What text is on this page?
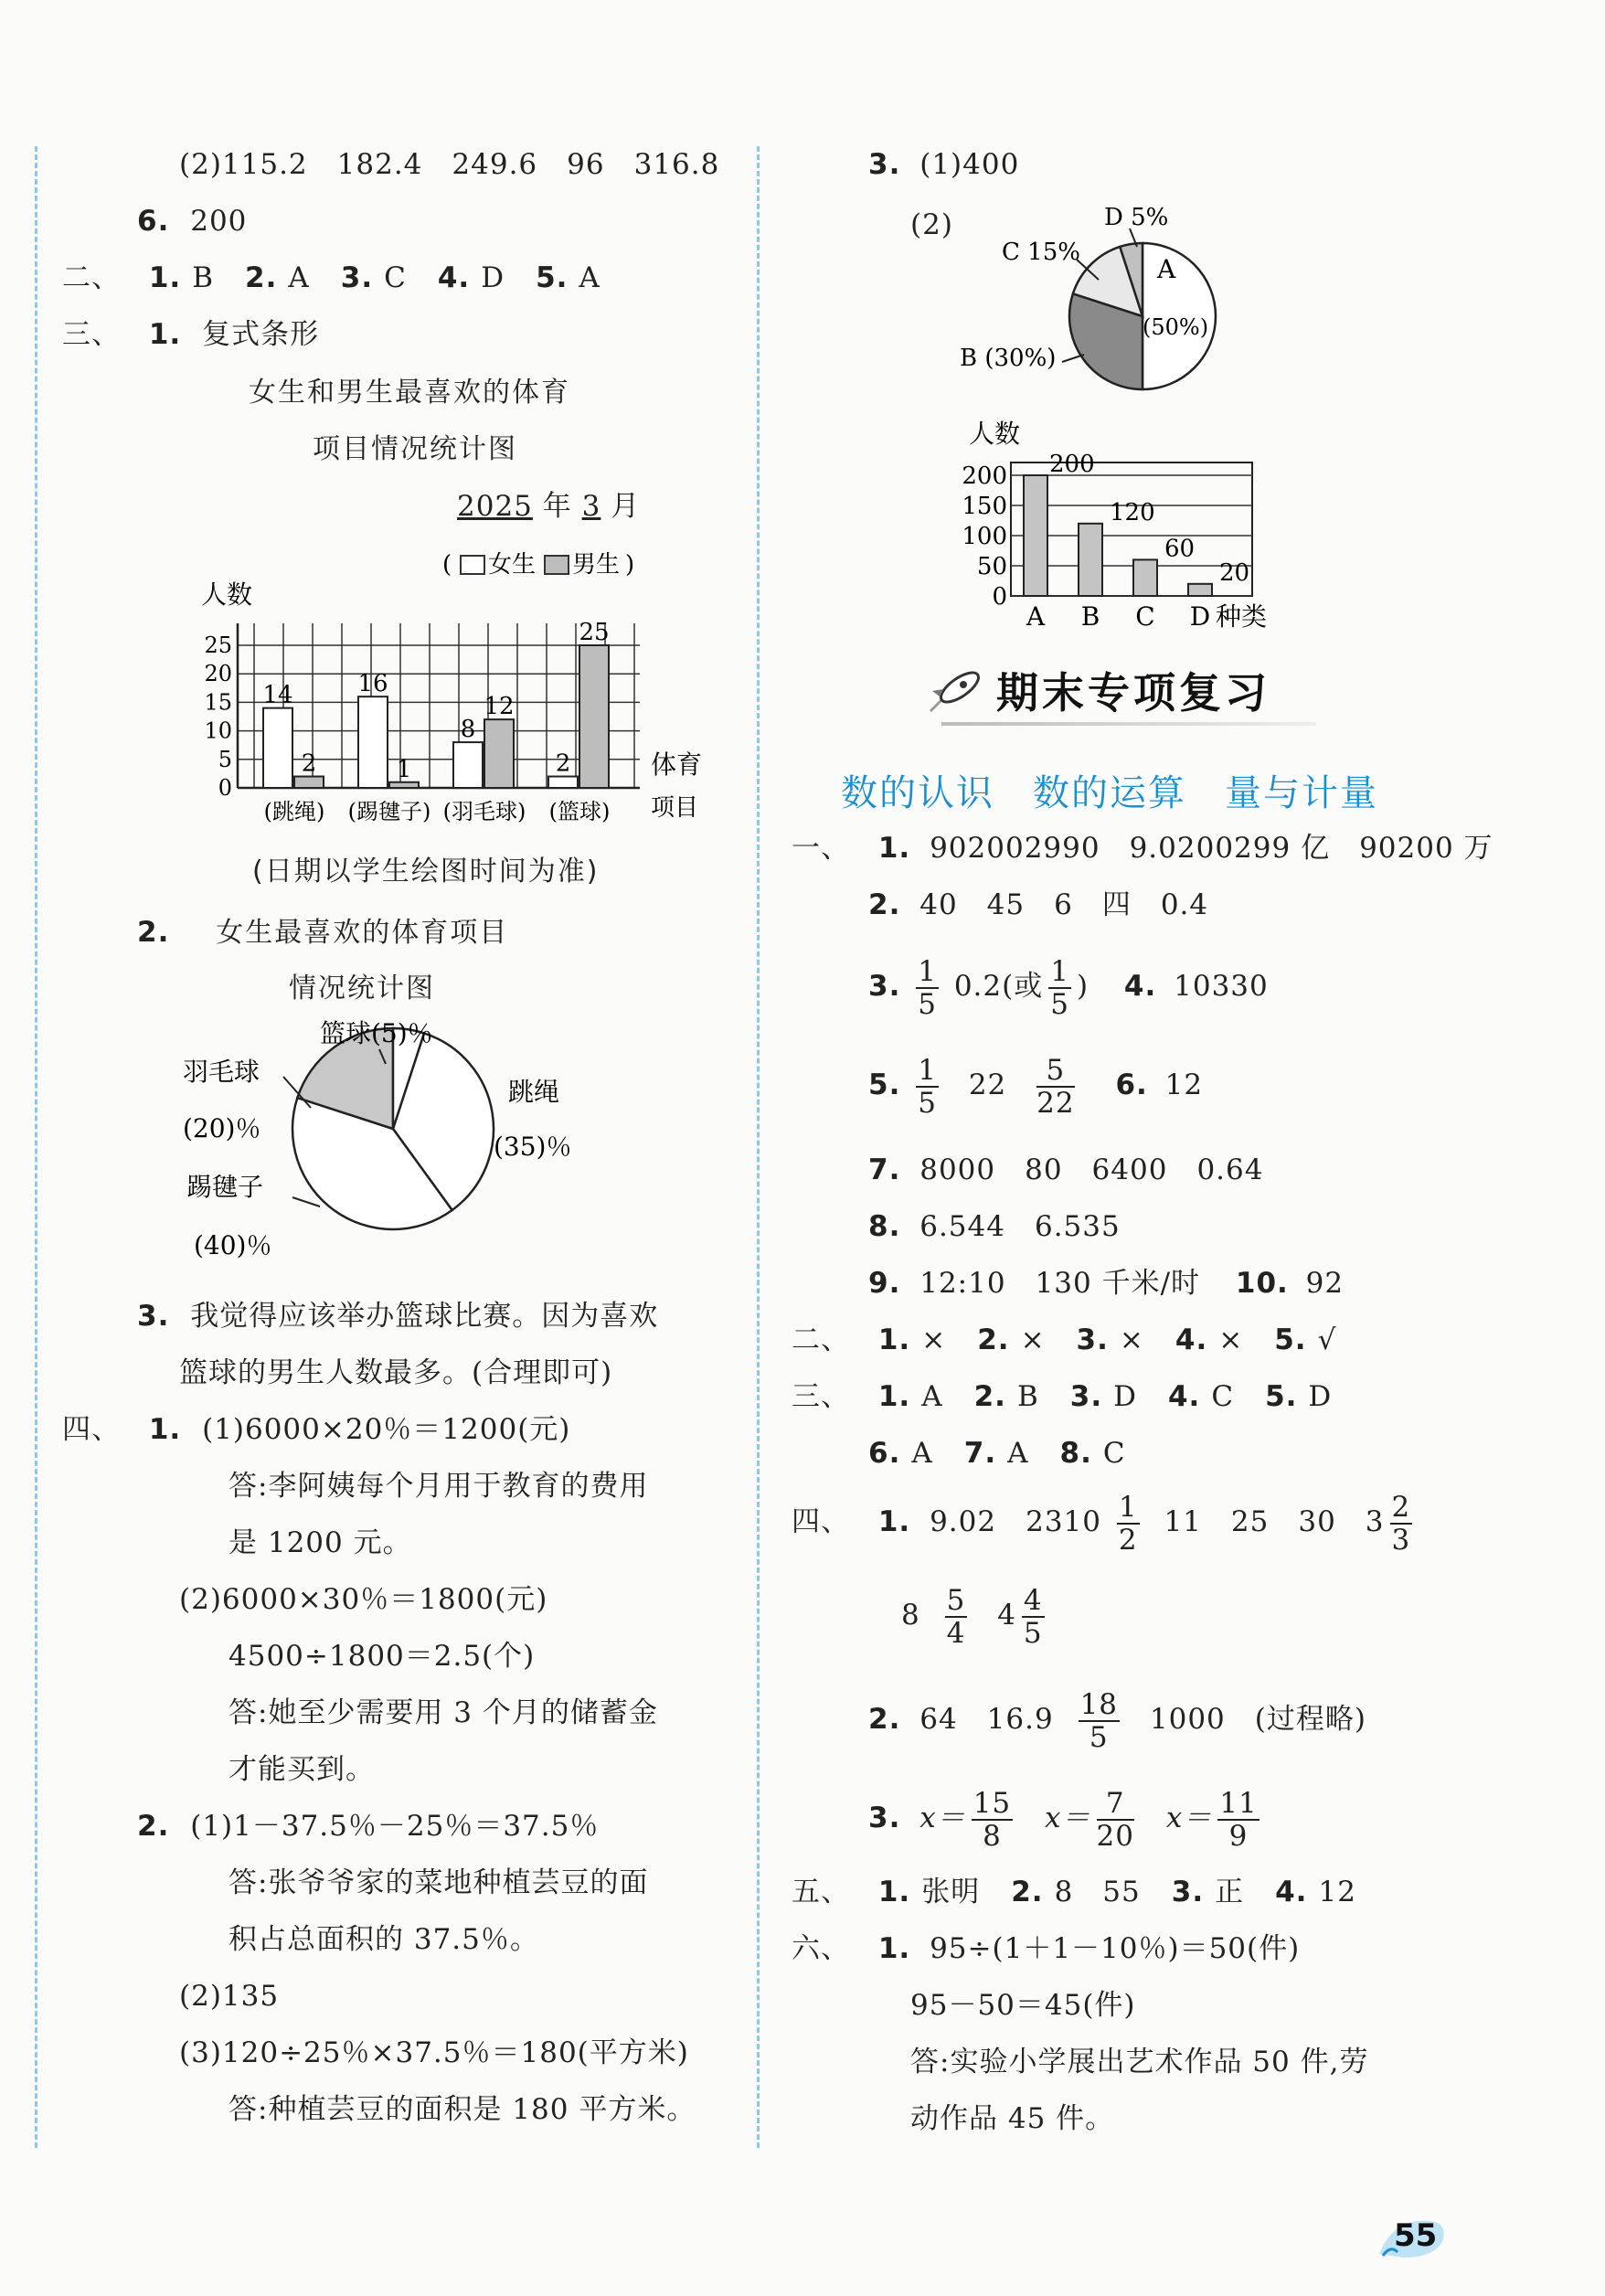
(2)115.2　182.4　249.6　96　316.8
6. 200
二、 1. B 2. A 3. C 4. D 5. A
三、 1. 复式条形
女生和男生最喜欢的体育
项目情况统计图
2025 年 3 月
( 女生 男生 )
人数
25
20
15
10
5
0
14
2
(跳绳)
16
1
(踢毽子)
8
12
(羽毛球)
2
25
(篮球)
体育
项目
(日期以学生绘图时间为准)
2. 女生最喜欢的体育项目
情况统计图
篮球(5)％
羽毛球
(20)％
跳绳
(35)％
踢毽子
(40)％
3. 我觉得应该举办篮球比赛。因为喜欢
篮球的男生人数最多。(合理即可)
四、 1. (1)6000×20％＝1200(元)
答:李阿姨每个月用于教育的费用
是 1200 元。
(2)6000×30％＝1800(元)
4500÷1800＝2.5(个)
答:她至少需要用 3 个月的储蓄金
才能买到。
2. (1)1－37.5％－25％＝37.5％
答:张爷爷家的菜地种植芸豆的面
积占总面积的 37.5％。
(2)135
(3)120÷25％×37.5％＝180(平方米)
答:种植芸豆的面积是 180 平方米。
3. (1)400
(2)
A
(50%)
B (30%)
C 15%
D 5%
人数
200
150
100
50
0
200
A
120
B
60
C
20
D 种类
期末专项复习
数的认识　数的运算　量与计量
一、 1. 902002990　9.0200299 亿　90200 万
2. 40　45　6　四　0.4
3. $\frac{1}{5} 0.2$(或 $\frac{1}{5}$ ) 4. 10330
5. $\frac{1}{5} 22 \frac{5}{22} 6$. 12
7. 8000　80　6400　0.64
8. 6.544　6.535
9. 12:10　130 千米/时 10. 92
二、 1. × 2. × 3. × 4. × 5. √
三、 1. A 2. B 3. D 4. C 5. D
6. A 7. A 8. C
四、 1. 9.02　$2310 \frac{1}{2} 11$　25　30　$3 \frac{2}{3}$
$8 \frac{5}{4} 4 \frac{4}{5}$
2. 64　$16.9 \frac{18}{5} 1000$　(过程略)
3. $x= \frac{15}{8} x= \frac{7}{20} x= \frac{11}{9}$
五、 1. 张明 2. 8　55 3. 正 4. 12
六、 1. 95÷(1＋1－10％)＝50(件)
95－50＝45(件)
答:实验小学展出艺术作品 50 件,劳
动作品 45 件。
55
